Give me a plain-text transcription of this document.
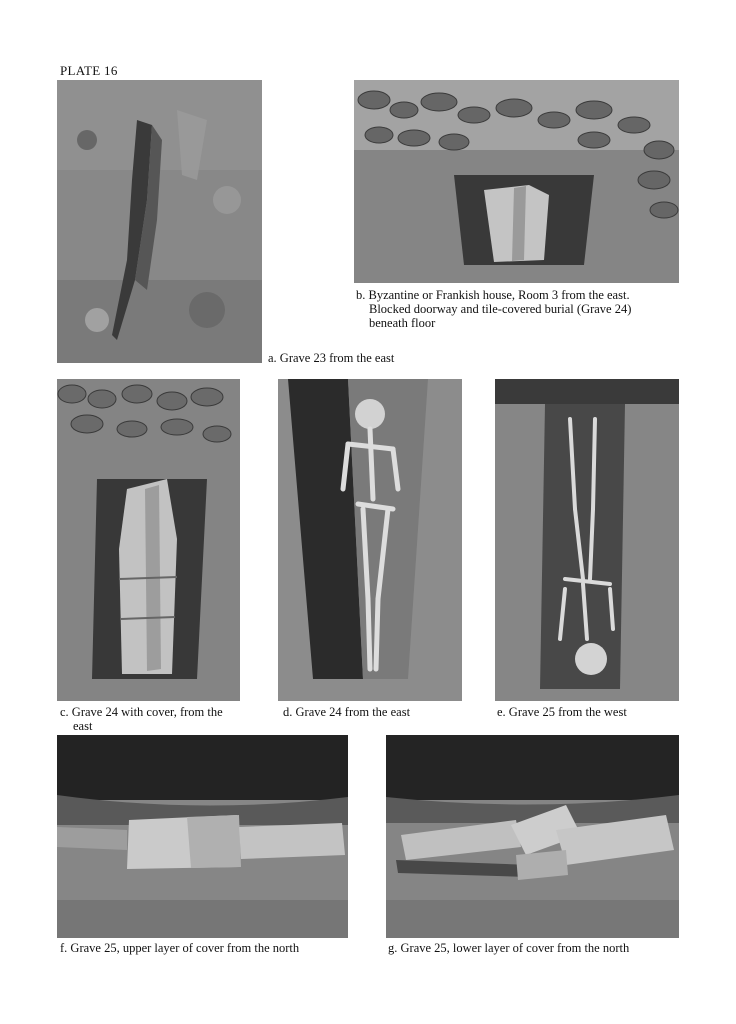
PLATE 16
b. Byzantine or Frankish house, Room 3 from the east.
Blocked doorway and tile-covered burial (Grave 24)
beneath floor
a. Grave 23 from the east
c. Grave 24 with cover, from the
east
d. Grave 24 from the east	e. Grave 25 from the west
f. Grave 25, upper layer of cover from the north	g. Grave 25, lower layer of cover from the north
